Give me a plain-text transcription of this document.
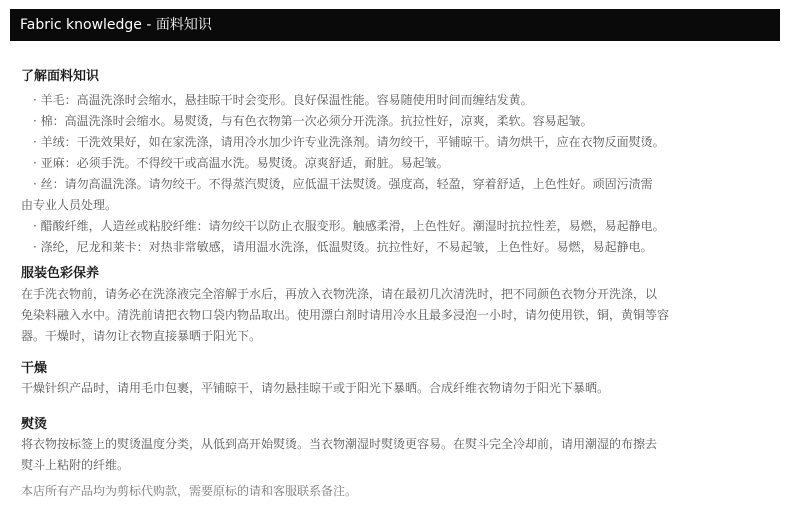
Fabric knowledge - 面料知识
了解面料知识
· 羊毛：高温洗涤时会缩水，悬挂晾干时会变形。良好保温性能。容易随使用时间而缠结发黄。
· 棉：高温洗涤时会缩水。易熨烫，与有色衣物第一次必须分开洗涤。抗拉性好，凉爽，柔软。容易起皱。
· 羊绒：干洗效果好，如在家洗涤，请用冷水加少许专业洗涤剂。请勿绞干，平铺晾干。请勿烘干，应在衣物反面熨烫。
· 亚麻：必须手洗。不得绞干或高温水洗。易熨烫。凉爽舒适，耐脏。易起皱。
· 丝：请勿高温洗涤。请勿绞干。不得蒸汽熨烫，应低温干法熨烫。强度高，轻盈，穿着舒适，上色性好。顽固污渍需
由专业人员处理。
· 醋酸纤维，人造丝或粘胶纤维：请勿绞干以防止衣服变形。触感柔滑，上色性好。潮湿时抗拉性差，易燃，易起静电。
· 涤纶，尼龙和莱卡：对热非常敏感，请用温水洗涤，低温熨烫。抗拉性好，不易起皱，上色性好。易燃，易起静电。
服装色彩保养
在手洗衣物前，请务必在洗涤液完全溶解于水后，再放入衣物洗涤，请在最初几次清洗时，把不同颜色衣物分开洗涤，以
免染料融入水中。清洗前请把衣物口袋内物品取出。使用漂白剂时请用冷水且最多浸泡一小时，请勿使用铁，铜，黄铜等容
器。干燥时，请勿让衣物直接暴晒于阳光下。
干燥
干燥针织产品时，请用毛巾包裹，平铺晾干，请勿悬挂晾干或于阳光下暴晒。合成纤维衣物请勿于阳光下暴晒。
熨烫
将衣物按标签上的熨烫温度分类，从低到高开始熨烫。当衣物潮湿时熨烫更容易。在熨斗完全冷却前，请用潮湿的布擦去
熨斗上粘附的纤维。
本店所有产品均为剪标代购款，需要原标的请和客服联系备注。
